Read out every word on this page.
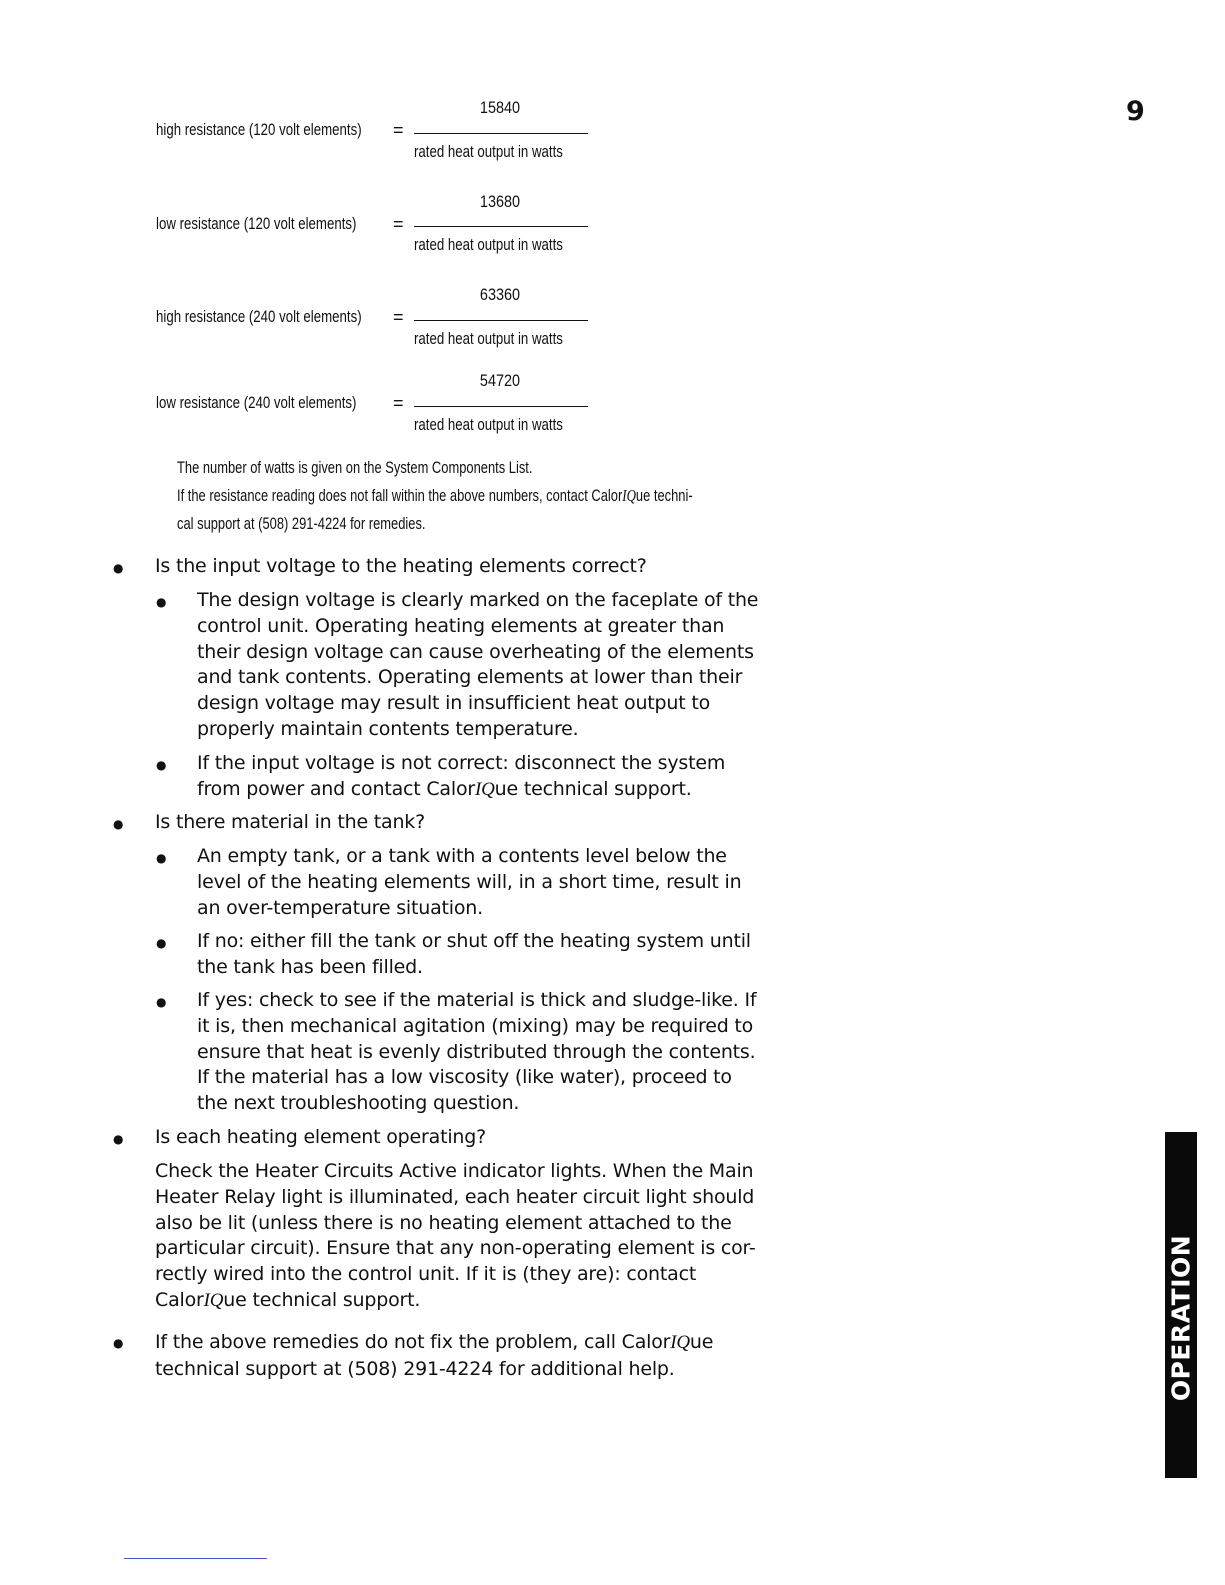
9
15840
high resistance (120 volt elements) =
rated heat output in watts
13680
low resistance (120 volt elements) =
rated heat output in watts
63360
high resistance (240 volt elements) =
rated heat output in watts
54720
low resistance (240 volt elements) =
rated heat output in watts
The number of watts is given on the System Components List.
If the resistance reading does not fall within the above numbers, contact CalorIQue techni-
cal support at (508) 291-4224 for remedies.
● Is the input voltage to the heating elements correct?
● The design voltage is clearly marked on the faceplate of the
control unit. Operating heating elements at greater than
their design voltage can cause overheating of the elements
and tank contents. Operating elements at lower than their
design voltage may result in insufficient heat output to
properly maintain contents temperature.
● If the input voltage is not correct: disconnect the system
from power and contact CalorIQue technical support.
● Is there material in the tank?
● An empty tank, or a tank with a contents level below the
level of the heating elements will, in a short time, result in
an over-temperature situation.
● If no: either fill the tank or shut off the heating system until
the tank has been filled.
● If yes: check to see if the material is thick and sludge-like. If
it is, then mechanical agitation (mixing) may be required to
ensure that heat is evenly distributed through the contents.
If the material has a low viscosity (like water), proceed to
the next troubleshooting question.
● Is each heating element operating?
Check the Heater Circuits Active indicator lights. When the Main
Heater Relay light is illuminated, each heater circuit light should
also be lit (unless there is no heating element attached to the
particular circuit). Ensure that any non-operating element is cor-
rectly wired into the control unit. If it is (they are): contact
CalorIQue technical support.
● If the above remedies do not fix the problem, call CalorIQue
technical support at (508) 291-4224 for additional help.	OPERATION
